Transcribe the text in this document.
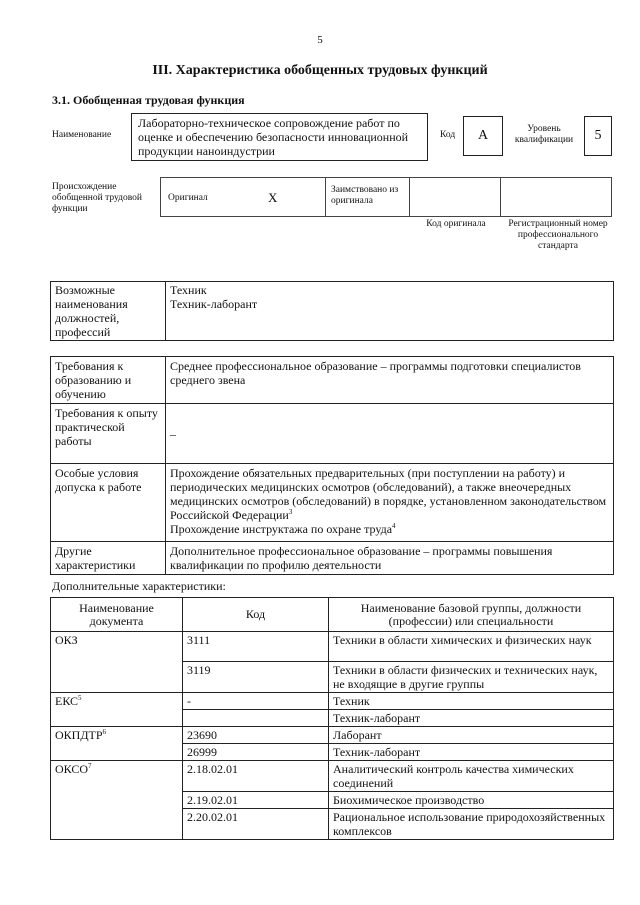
5
III. Характеристика обобщенных трудовых функций
3.1. Обобщенная трудовая функция
Наименование
Лабораторно-техническое сопровождение работ по оценке и обеспечению безопасности инновационной продукции наноиндустрии
Код	А	Уровень квалификации	5
Происхождение обобщенной трудовой функции
Оригинал	X	Заимствовано из оригинала
Код оригинала	Регистрационный номер профессионального стандарта
Возможные наименования должностей, профессий	
Техник
Техник-лаборант
Требования к образованию и обучению	Среднее профессиональное образование – программы подготовки специалистов среднего звена
Требования к опыту практической работы	–
Особые условия допуска к работе	Прохождение обязательных предварительных (при поступлении на работу) и периодических медицинских осмотров (обследований), а также внеочередных медицинских осмотров (обследований) в порядке, установленном законодательством Российской Федерации$^3$
Прохождение инструктажа по охране труда$^4$
Другие характеристики	Дополнительное профессиональное образование – программы повышения квалификации по профилю деятельности
Дополнительные характеристики:
Наименование документа	Код	Наименование базовой группы, должности (профессии) или специальности
ОКЗ	3111	Техники в области химических и физических наук
	3119	Техники в области физических и технических наук, не входящие в другие группы
ЕКС$^5$	-	Техник
		Техник-лаборант
ОКПДТР$^6$	23690	Лаборант
	26999	Техник-лаборант
ОКСО$^7$	2.18.02.01	Аналитический контроль качества химических соединений
	2.19.02.01	Биохимическое производство
	2.20.02.01	Рациональное использование природохозяйственных комплексов
